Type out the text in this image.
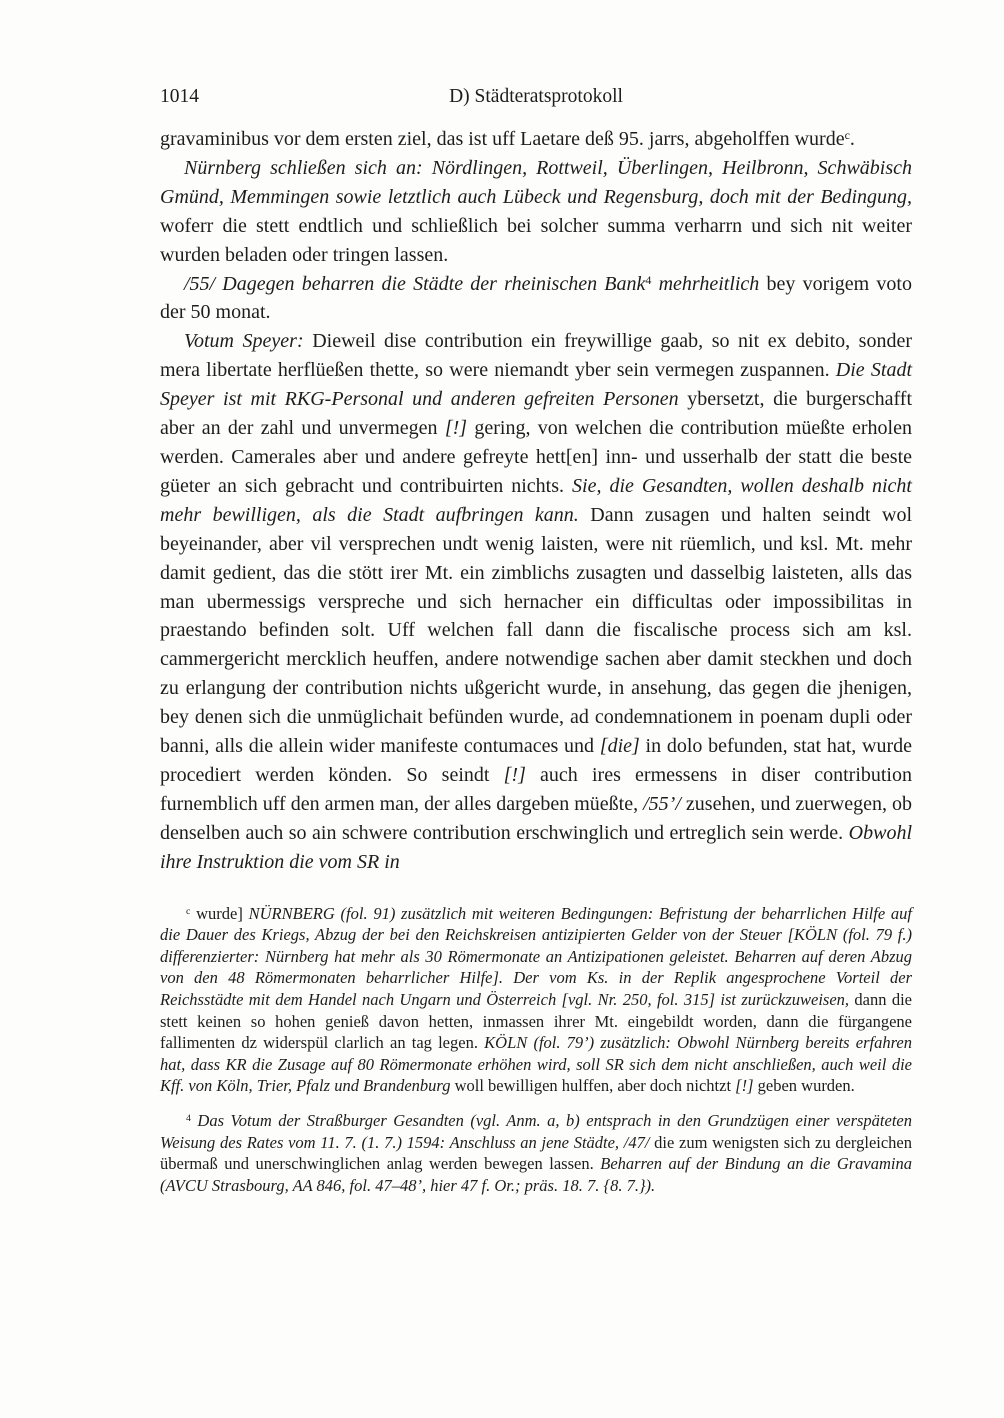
1014	D) Städteratsprotokoll

gravaminibus vor dem ersten ziel, das ist uff Laetare deß 95. jarrs, abgeholffen wurde$^c$.

Nürnberg schließen sich an: Nördlingen, Rottweil, Überlingen, Heilbronn, Schwäbisch Gmünd, Memmingen sowie letztlich auch Lübeck und Regensburg, doch mit der Bedingung, woferr die stett endtlich und schließlich bei solcher summa verharrn und sich nit weiter wurden beladen oder tringen lassen.

/55/ Dagegen beharren die Städte der rheinischen Bank$^4$ mehrheitlich bey vorigem voto der 50 monat.

Votum Speyer: Dieweil dise contribution ein freywillige gaab, so nit ex debito, sonder mera libertate herflüeßen thette, so were niemandt yber sein vermegen zuspannen. Die Stadt Speyer ist mit RKG-Personal und anderen gefreiten Personen ybersetzt, die burgerschafft aber an der zahl und unvermegen [!] gering, von welchen die contribution müeßte erholen werden. Camerales aber und andere gefreyte hett[en] inn- und usserhalb der statt die beste güeter an sich gebracht und contribuirten nichts. Sie, die Gesandten, wollen deshalb nicht mehr bewilligen, als die Stadt aufbringen kann. Dann zusagen und halten seindt wol beyeinander, aber vil versprechen undt wenig laisten, were nit rüemlich, und ksl. Mt. mehr damit gedient, das die stött irer Mt. ein zimblichs zusagten und dasselbig laisteten, alls das man ubermessigs verspreche und sich hernacher ein difficultas oder impossibilitas in praestando befinden solt. Uff welchen fall dann die fiscalische process sich am ksl. cammergericht mercklich heuffen, andere notwendige sachen aber damit steckhen und doch zu erlangung der contribution nichts ußgericht wurde, in ansehung, das gegen die jhenigen, bey denen sich die unmüglichait befünden wurde, ad condemnationem in poenam dupli oder banni, alls die allein wider manifeste contumaces und [die] in dolo befunden, stat hat, wurde procediert werden könden. So seindt [!] auch ires ermessens in diser contribution furnemblich uff den armen man, der alles dargeben müeßte, /55’/ zusehen, und zuerwegen, ob denselben auch so ain schwere contribution erschwinglich und ertreglich sein werde. Obwohl ihre Instruktion die vom SR in

$^c$ wurde] NÜRNBERG (fol. 91) zusätzlich mit weiteren Bedingungen: Befristung der beharrlichen Hilfe auf die Dauer des Kriegs, Abzug der bei den Reichskreisen antizipierten Gelder von der Steuer [KÖLN (fol. 79 f.) differenzierter: Nürnberg hat mehr als 30 Römermonate an Antizipationen geleistet. Beharren auf deren Abzug von den 48 Römermonaten beharrlicher Hilfe]. Der vom Ks. in der Replik angesprochene Vorteil der Reichsstädte mit dem Handel nach Ungarn und Österreich [vgl. Nr. 250, fol. 315] ist zurückzuweisen, dann die stett keinen so hohen genieß davon hetten, inmassen ihrer Mt. eingebildt worden, dann die fürgangene fallimenten dz widerspül clarlich an tag legen. KÖLN (fol. 79’) zusätzlich: Obwohl Nürnberg bereits erfahren hat, dass KR die Zusage auf 80 Römermonate erhöhen wird, soll SR sich dem nicht anschließen, auch weil die Kff. von Köln, Trier, Pfalz und Brandenburg woll bewilligen hulffen, aber doch nichtzt [!] geben wurden.

$^4$ Das Votum der Straßburger Gesandten (vgl. Anm. a, b) entsprach in den Grundzügen einer verspäteten Weisung des Rates vom 11. 7. (1. 7.) 1594: Anschluss an jene Städte, /47/ die zum wenigsten sich zu dergleichen übermaß und unerschwinglichen anlag werden bewegen lassen. Beharren auf der Bindung an die Gravamina (AVCU Strasbourg, AA 846, fol. 47–48’, hier 47 f. Or.; präs. 18. 7. {8. 7.}).
